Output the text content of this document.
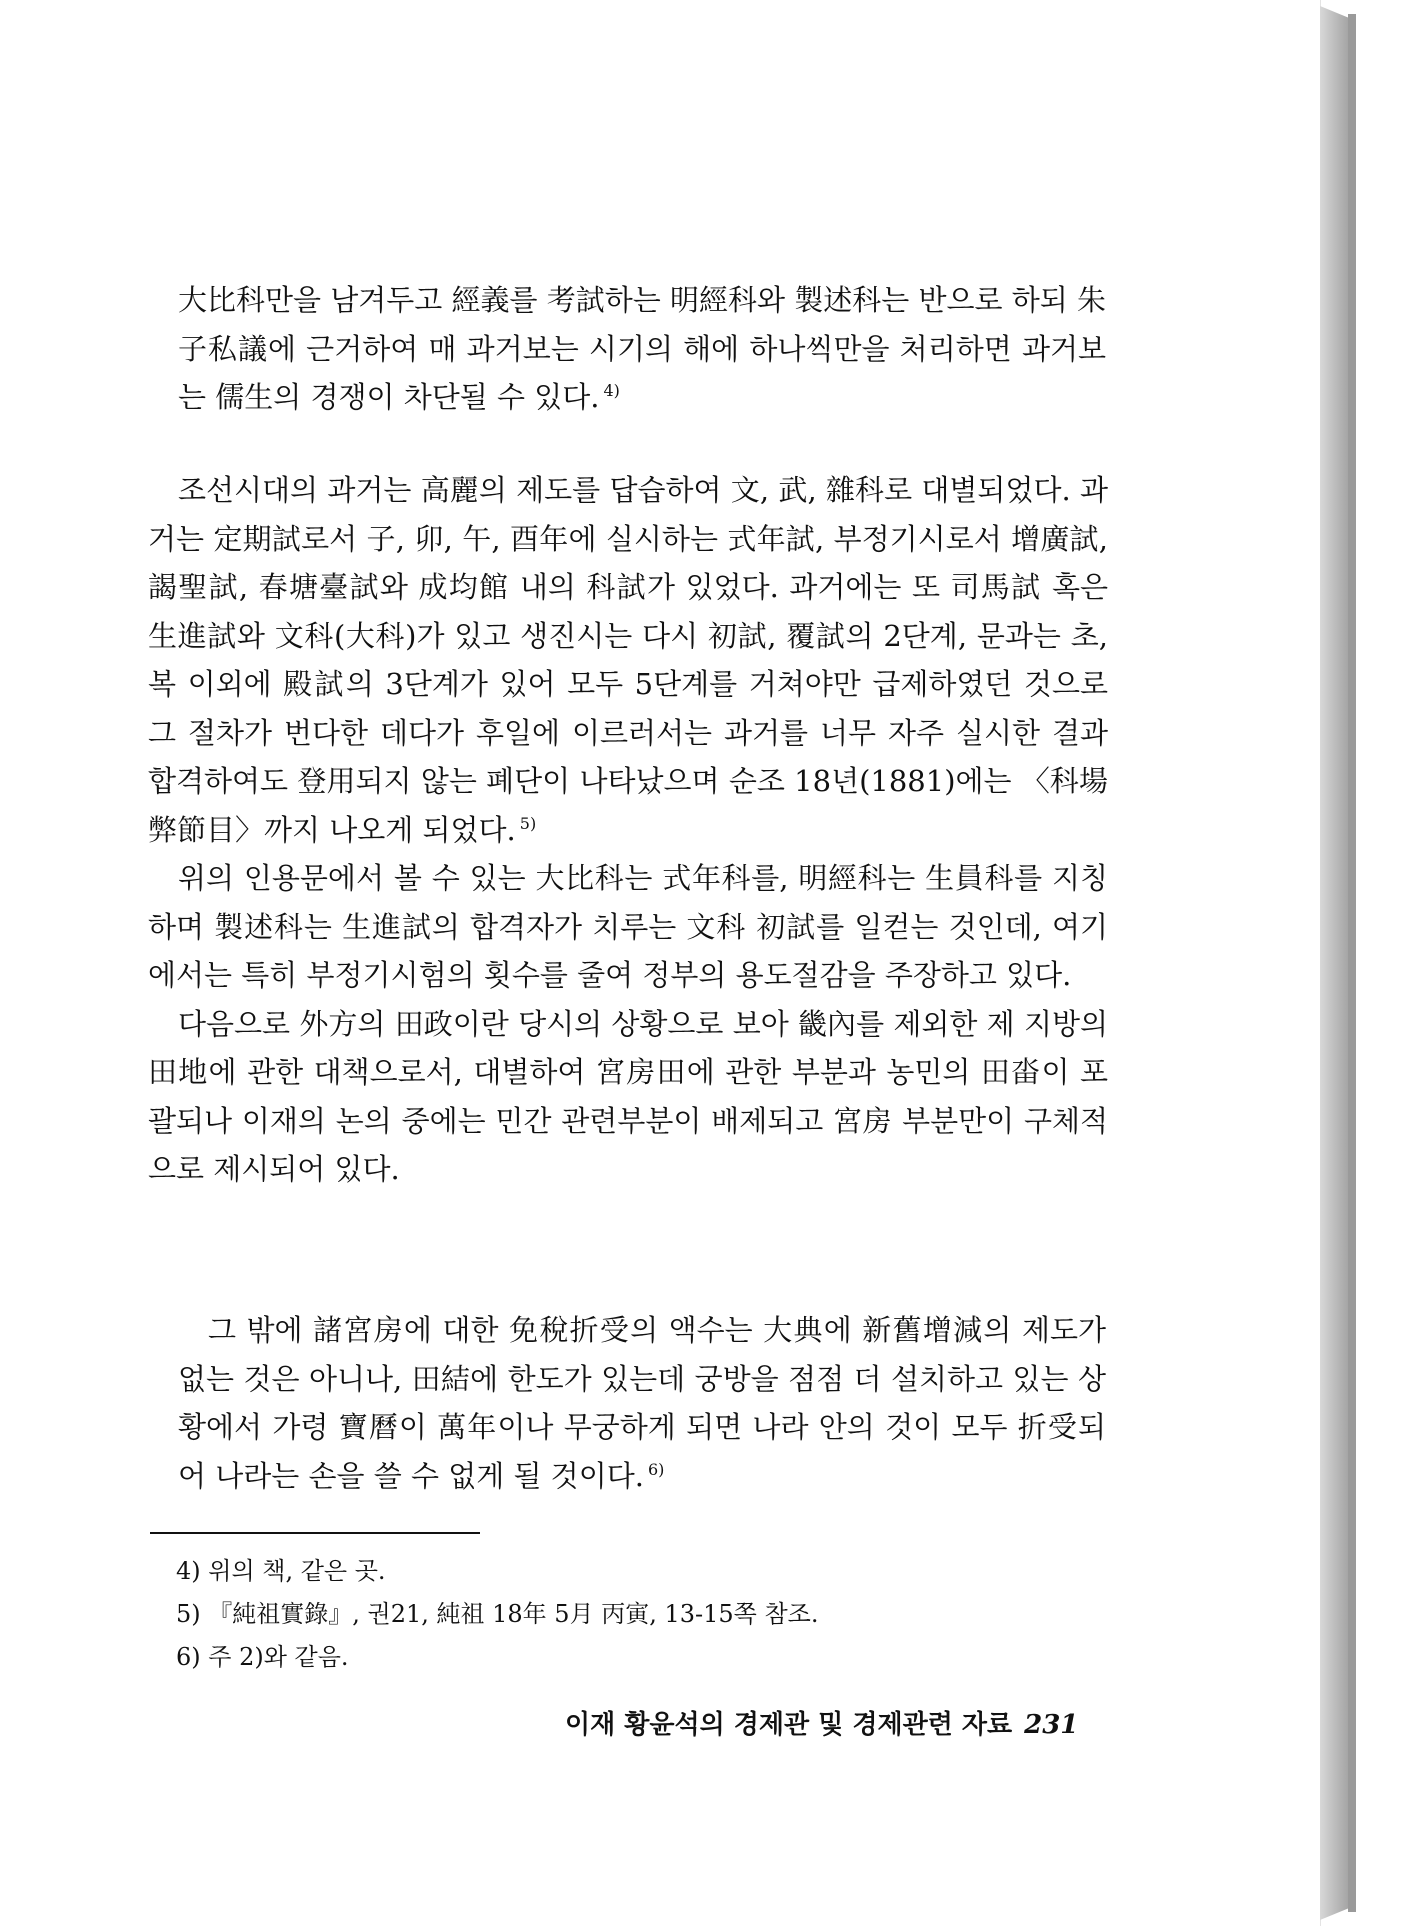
大比科만을 남겨두고 經義를 考試하는 明經科와 製述科는 반으로 하되 朱子私議에 근거하여 매 과거보는 시기의 해에 하나씩만을 처리하면 과거보는 儒生의 경쟁이 차단될 수 있다. $^{4)}$

조선시대의 과거는 高麗의 제도를 답습하여 文, 武, 雜科로 대별되었다. 과거는 定期試로서 子, 卯, 午, 酉年에 실시하는 式年試, 부정기시로서 增廣試, 謁聖試, 春塘臺試와 成均館 내의 科試가 있었다. 과거에는 또 司馬試 혹은 生進試와 文科(大科)가 있고 생진시는 다시 初試, 覆試의 2단계, 문과는 초, 복 이외에 殿試의 3단계가 있어 모두 5단계를 거쳐야만 급제하였던 것으로 그 절차가 번다한 데다가 후일에 이르러서는 과거를 너무 자주 실시한 결과 합격하여도 登用되지 않는 폐단이 나타났으며 순조 18년(1881)에는 〈科場弊節目〉까지 나오게 되었다. $^{5)}$

위의 인용문에서 볼 수 있는 大比科는 式年科를, 明經科는 生員科를 지칭하며 製述科는 生進試의 합격자가 치루는 文科 初試를 일컫는 것인데, 여기에서는 특히 부정기시험의 횟수를 줄여 정부의 용도절감을 주장하고 있다.

다음으로 外方의 田政이란 당시의 상황으로 보아 畿內를 제외한 제 지방의 田地에 관한 대책으로서, 대별하여 宮房田에 관한 부분과 농민의 田畓이 포괄되나 이재의 논의 중에는 민간 관련부분이 배제되고 宮房 부분만이 구체적으로 제시되어 있다.

그 밖에 諸宮房에 대한 免稅折受의 액수는 大典에 新舊增減의 제도가 없는 것은 아니나, 田結에 한도가 있는데 궁방을 점점 더 설치하고 있는 상황에서 가령 寶曆이 萬年이나 무궁하게 되면 나라 안의 것이 모두 折受되어 나라는 손을 쓸 수 없게 될 것이다. $^{6)}$

4) 위의 책, 같은 곳.
5) 『純祖實錄』, 권21, 純祖 18年 5月 丙寅, 13-15쪽 참조.
6) 주 2)와 같음.
이재 황윤석의 경제관 및 경제관련 자료 231
